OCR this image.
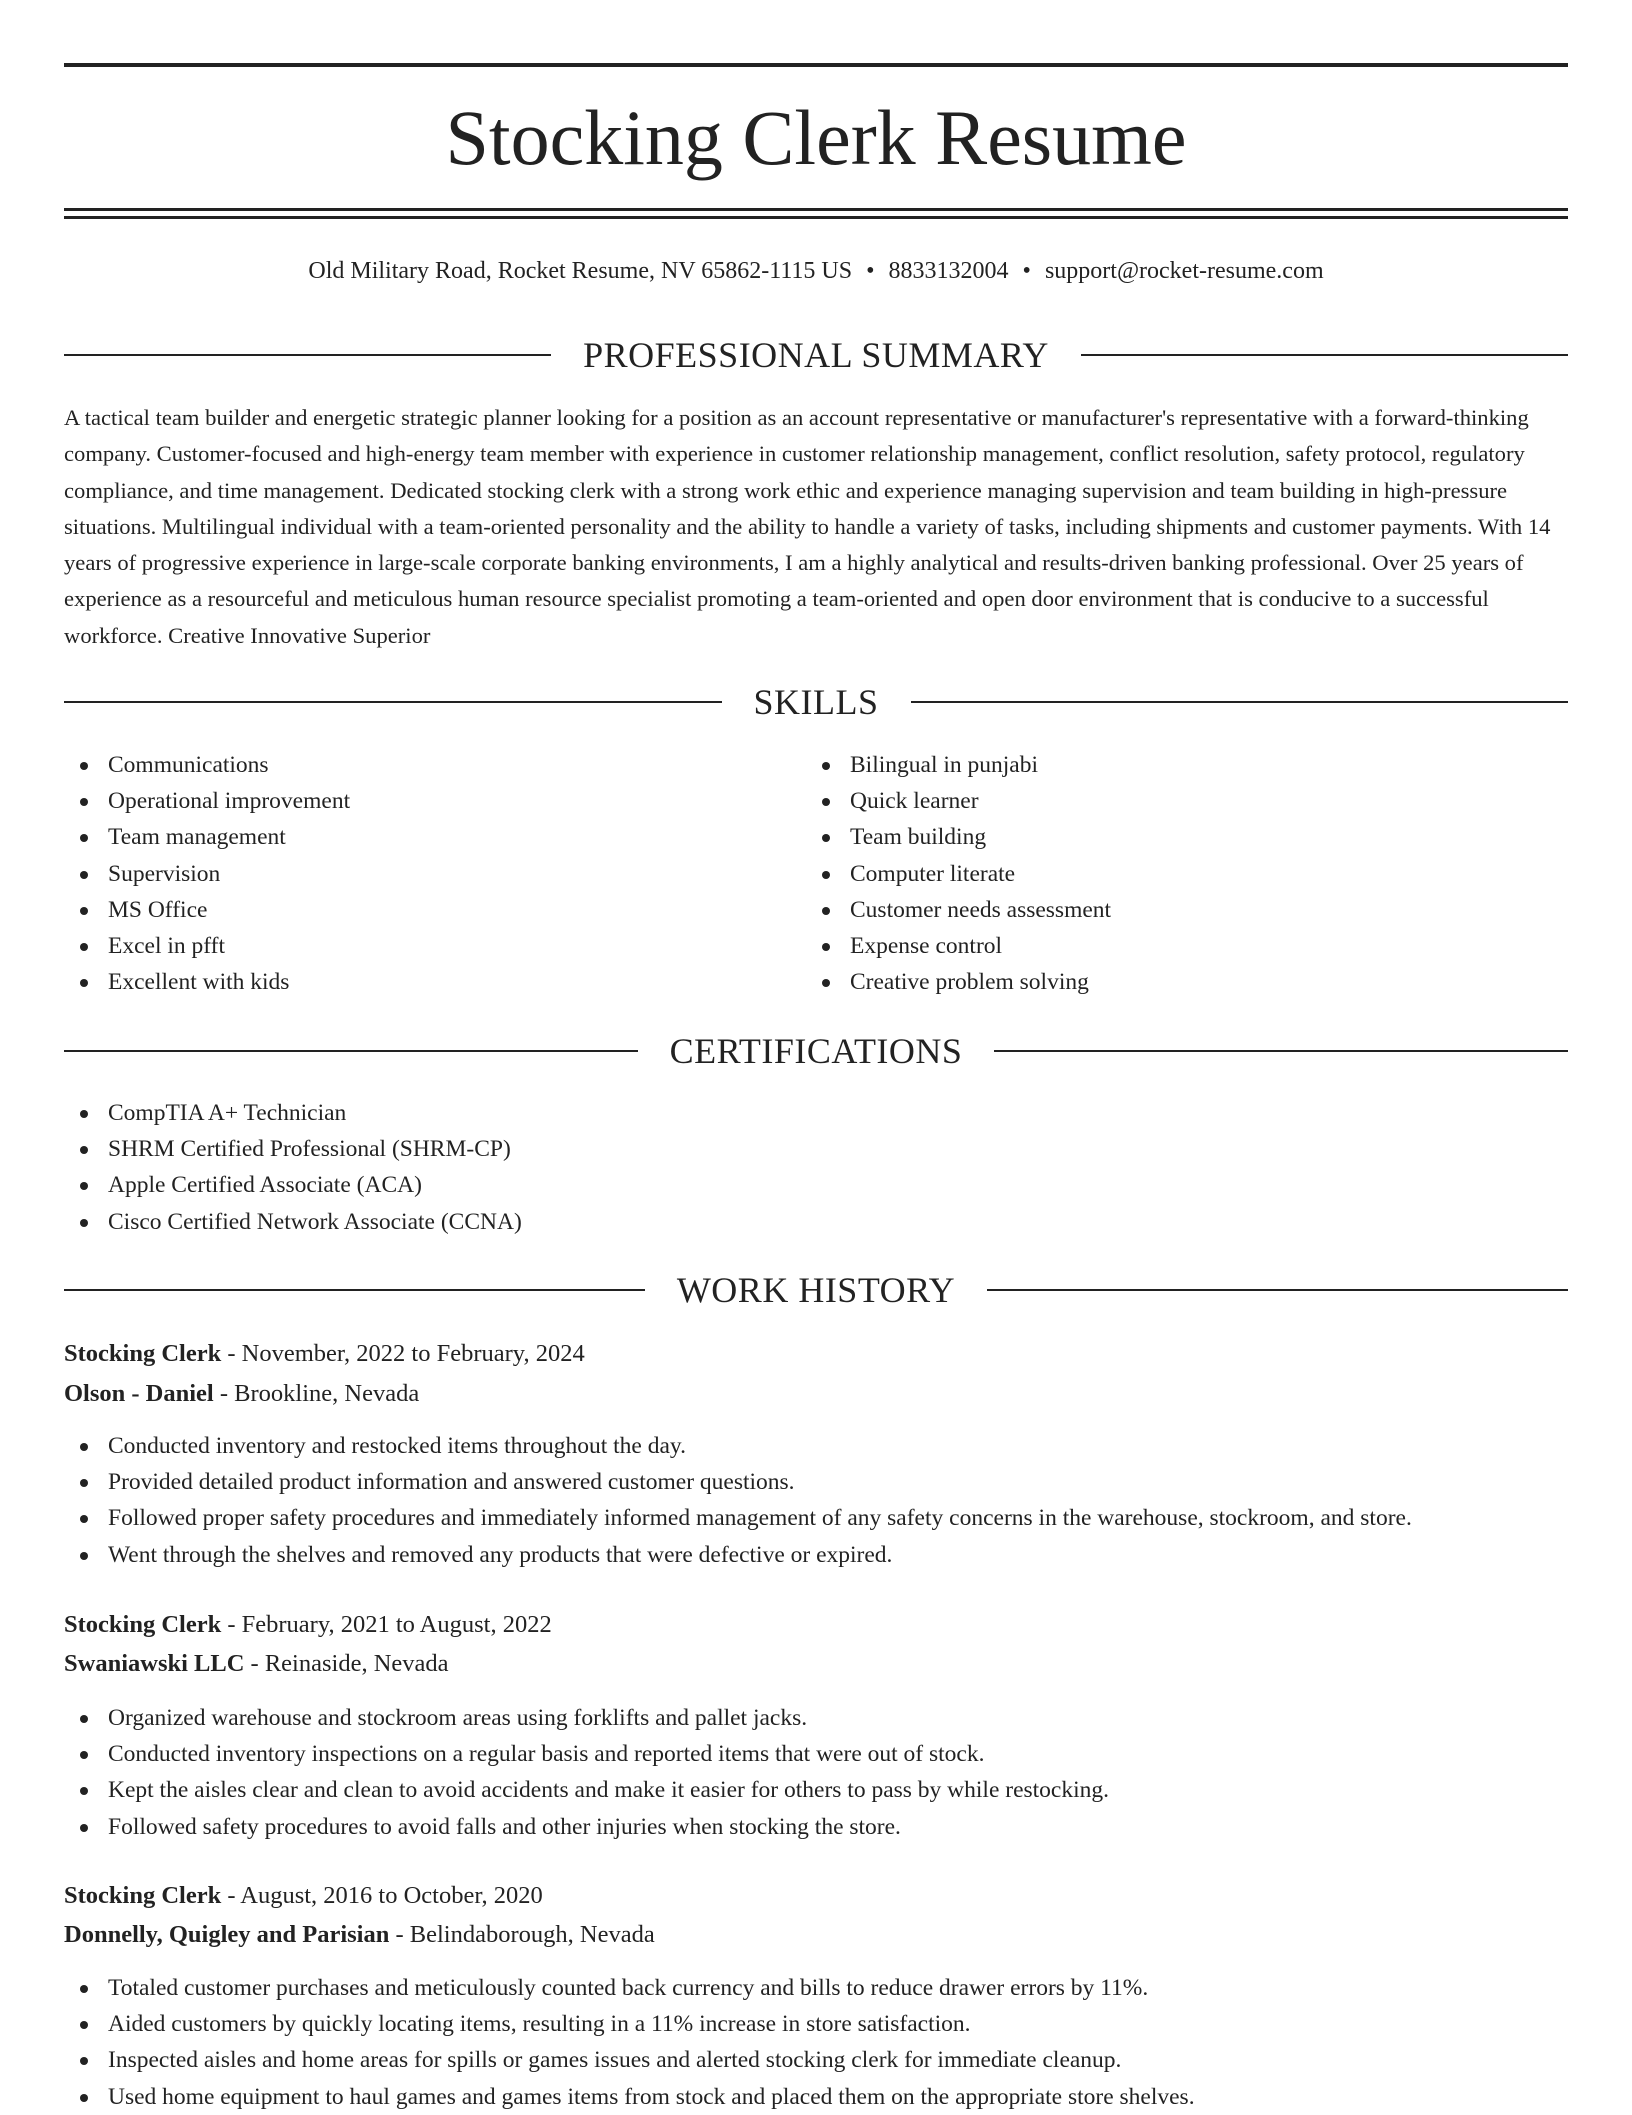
Stocking Clerk Resume
Old Military Road, Rocket Resume, NV 65862-1115 US • 8833132004 • support@rocket-resume.com
PROFESSIONAL SUMMARY

A tactical team builder and energetic strategic planner looking for a position as an account representative or manufacturer's representative with a forward-thinking company. Customer-focused and high-energy team member with experience in customer relationship management, conflict resolution, safety protocol, regulatory compliance, and time management. Dedicated stocking clerk with a strong work ethic and experience managing supervision and team building in high-pressure situations. Multilingual individual with a team-oriented personality and the ability to handle a variety of tasks, including shipments and customer payments. With 14 years of progressive experience in large-scale corporate banking environments, I am a highly analytical and results-driven banking professional. Over 25 years of experience as a resourceful and meticulous human resource specialist promoting a team-oriented and open door environment that is conducive to a successful workforce. Creative Innovative Superior

SKILLS
Communications
Operational improvement
Team management
Supervision
MS Office
Excel in pfft
Excellent with kids
Bilingual in punjabi
Quick learner
Team building
Computer literate
Customer needs assessment
Expense control
Creative problem solving
CERTIFICATIONS
CompTIA A+ Technician
SHRM Certified Professional (SHRM-CP)
Apple Certified Associate (ACA)
Cisco Certified Network Associate (CCNA)
WORK HISTORY
Stocking Clerk - November, 2022 to February, 2024
Olson - Daniel - Brookline, Nevada
Conducted inventory and restocked items throughout the day.
Provided detailed product information and answered customer questions.
Followed proper safety procedures and immediately informed management of any safety concerns in the warehouse, stockroom, and store.
Went through the shelves and removed any products that were defective or expired.
Stocking Clerk - February, 2021 to August, 2022
Swaniawski LLC - Reinaside, Nevada
Organized warehouse and stockroom areas using forklifts and pallet jacks.
Conducted inventory inspections on a regular basis and reported items that were out of stock.
Kept the aisles clear and clean to avoid accidents and make it easier for others to pass by while restocking.
Followed safety procedures to avoid falls and other injuries when stocking the store.
Stocking Clerk - August, 2016 to October, 2020
Donnelly, Quigley and Parisian - Belindaborough, Nevada
Totaled customer purchases and meticulously counted back currency and bills to reduce drawer errors by 11%.
Aided customers by quickly locating items, resulting in a 11% increase in store satisfaction.
Inspected aisles and home areas for spills or games issues and alerted stocking clerk for immediate cleanup.
Used home equipment to haul games and games items from stock and placed them on the appropriate store shelves.
